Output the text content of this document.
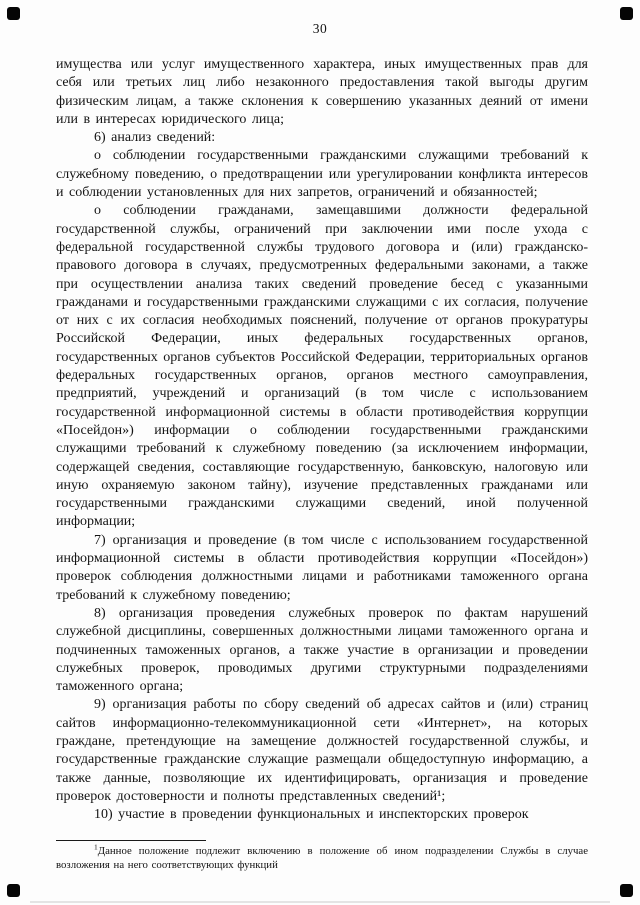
30

имущества или услуг имущественного характера, иных имущественных прав для себя или третьих лиц либо незаконного предоставления такой выгоды другим физическим лицам, а также склонения к совершению указанных деяний от имени или в интересах юридического лица;

6) анализ сведений:

о соблюдении государственными гражданскими служащими требований к служебному поведению, о предотвращении или урегулировании конфликта интересов и соблюдении установленных для них запретов, ограничений и обязанностей;

о соблюдении гражданами, замещавшими должности федеральной государственной службы, ограничений при заключении ими после ухода с федеральной государственной службы трудового договора и (или) гражданско-правового договора в случаях, предусмотренных федеральными законами, а также при осуществлении анализа таких сведений проведение бесед с указанными гражданами и государственными гражданскими служащими с их согласия, получение от них с их согласия необходимых пояснений, получение от органов прокуратуры Российской Федерации, иных федеральных государственных органов, государственных органов субъектов Российской Федерации, территориальных органов федеральных государственных органов, органов местного самоуправления, предприятий, учреждений и организаций (в том числе с использованием государственной информационной системы в области противодействия коррупции «Посейдон») информации о соблюдении государственными гражданскими служащими требований к служебному поведению (за исключением информации, содержащей сведения, составляющие государственную, банковскую, налоговую или иную охраняемую законом тайну), изучение представленных гражданами или государственными гражданскими служащими сведений, иной полученной информации;

7) организация и проведение (в том числе с использованием государственной информационной системы в области противодействия коррупции «Посейдон») проверок соблюдения должностными лицами и работниками таможенного органа требований к служебному поведению;

8) организация проведения служебных проверок по фактам нарушений служебной дисциплины, совершенных должностными лицами таможенного органа и подчиненных таможенных органов, а также участие в организации и проведении служебных проверок, проводимых другими структурными подразделениями таможенного органа;

9) организация работы по сбору сведений об адресах сайтов и (или) страниц сайтов информационно-телекоммуникационной сети «Интернет», на которых граждане, претендующие на замещение должностей государственной службы, и государственные гражданские служащие размещали общедоступную информацию, а также данные, позволяющие их идентифицировать, организация и проведение проверок достоверности и полноты представленных сведений¹;

10) участие в проведении функциональных и инспекторских проверок

$^1$Данное положение подлежит включению в положение об ином подразделении Службы в случае возложения на него соответствующих функций
